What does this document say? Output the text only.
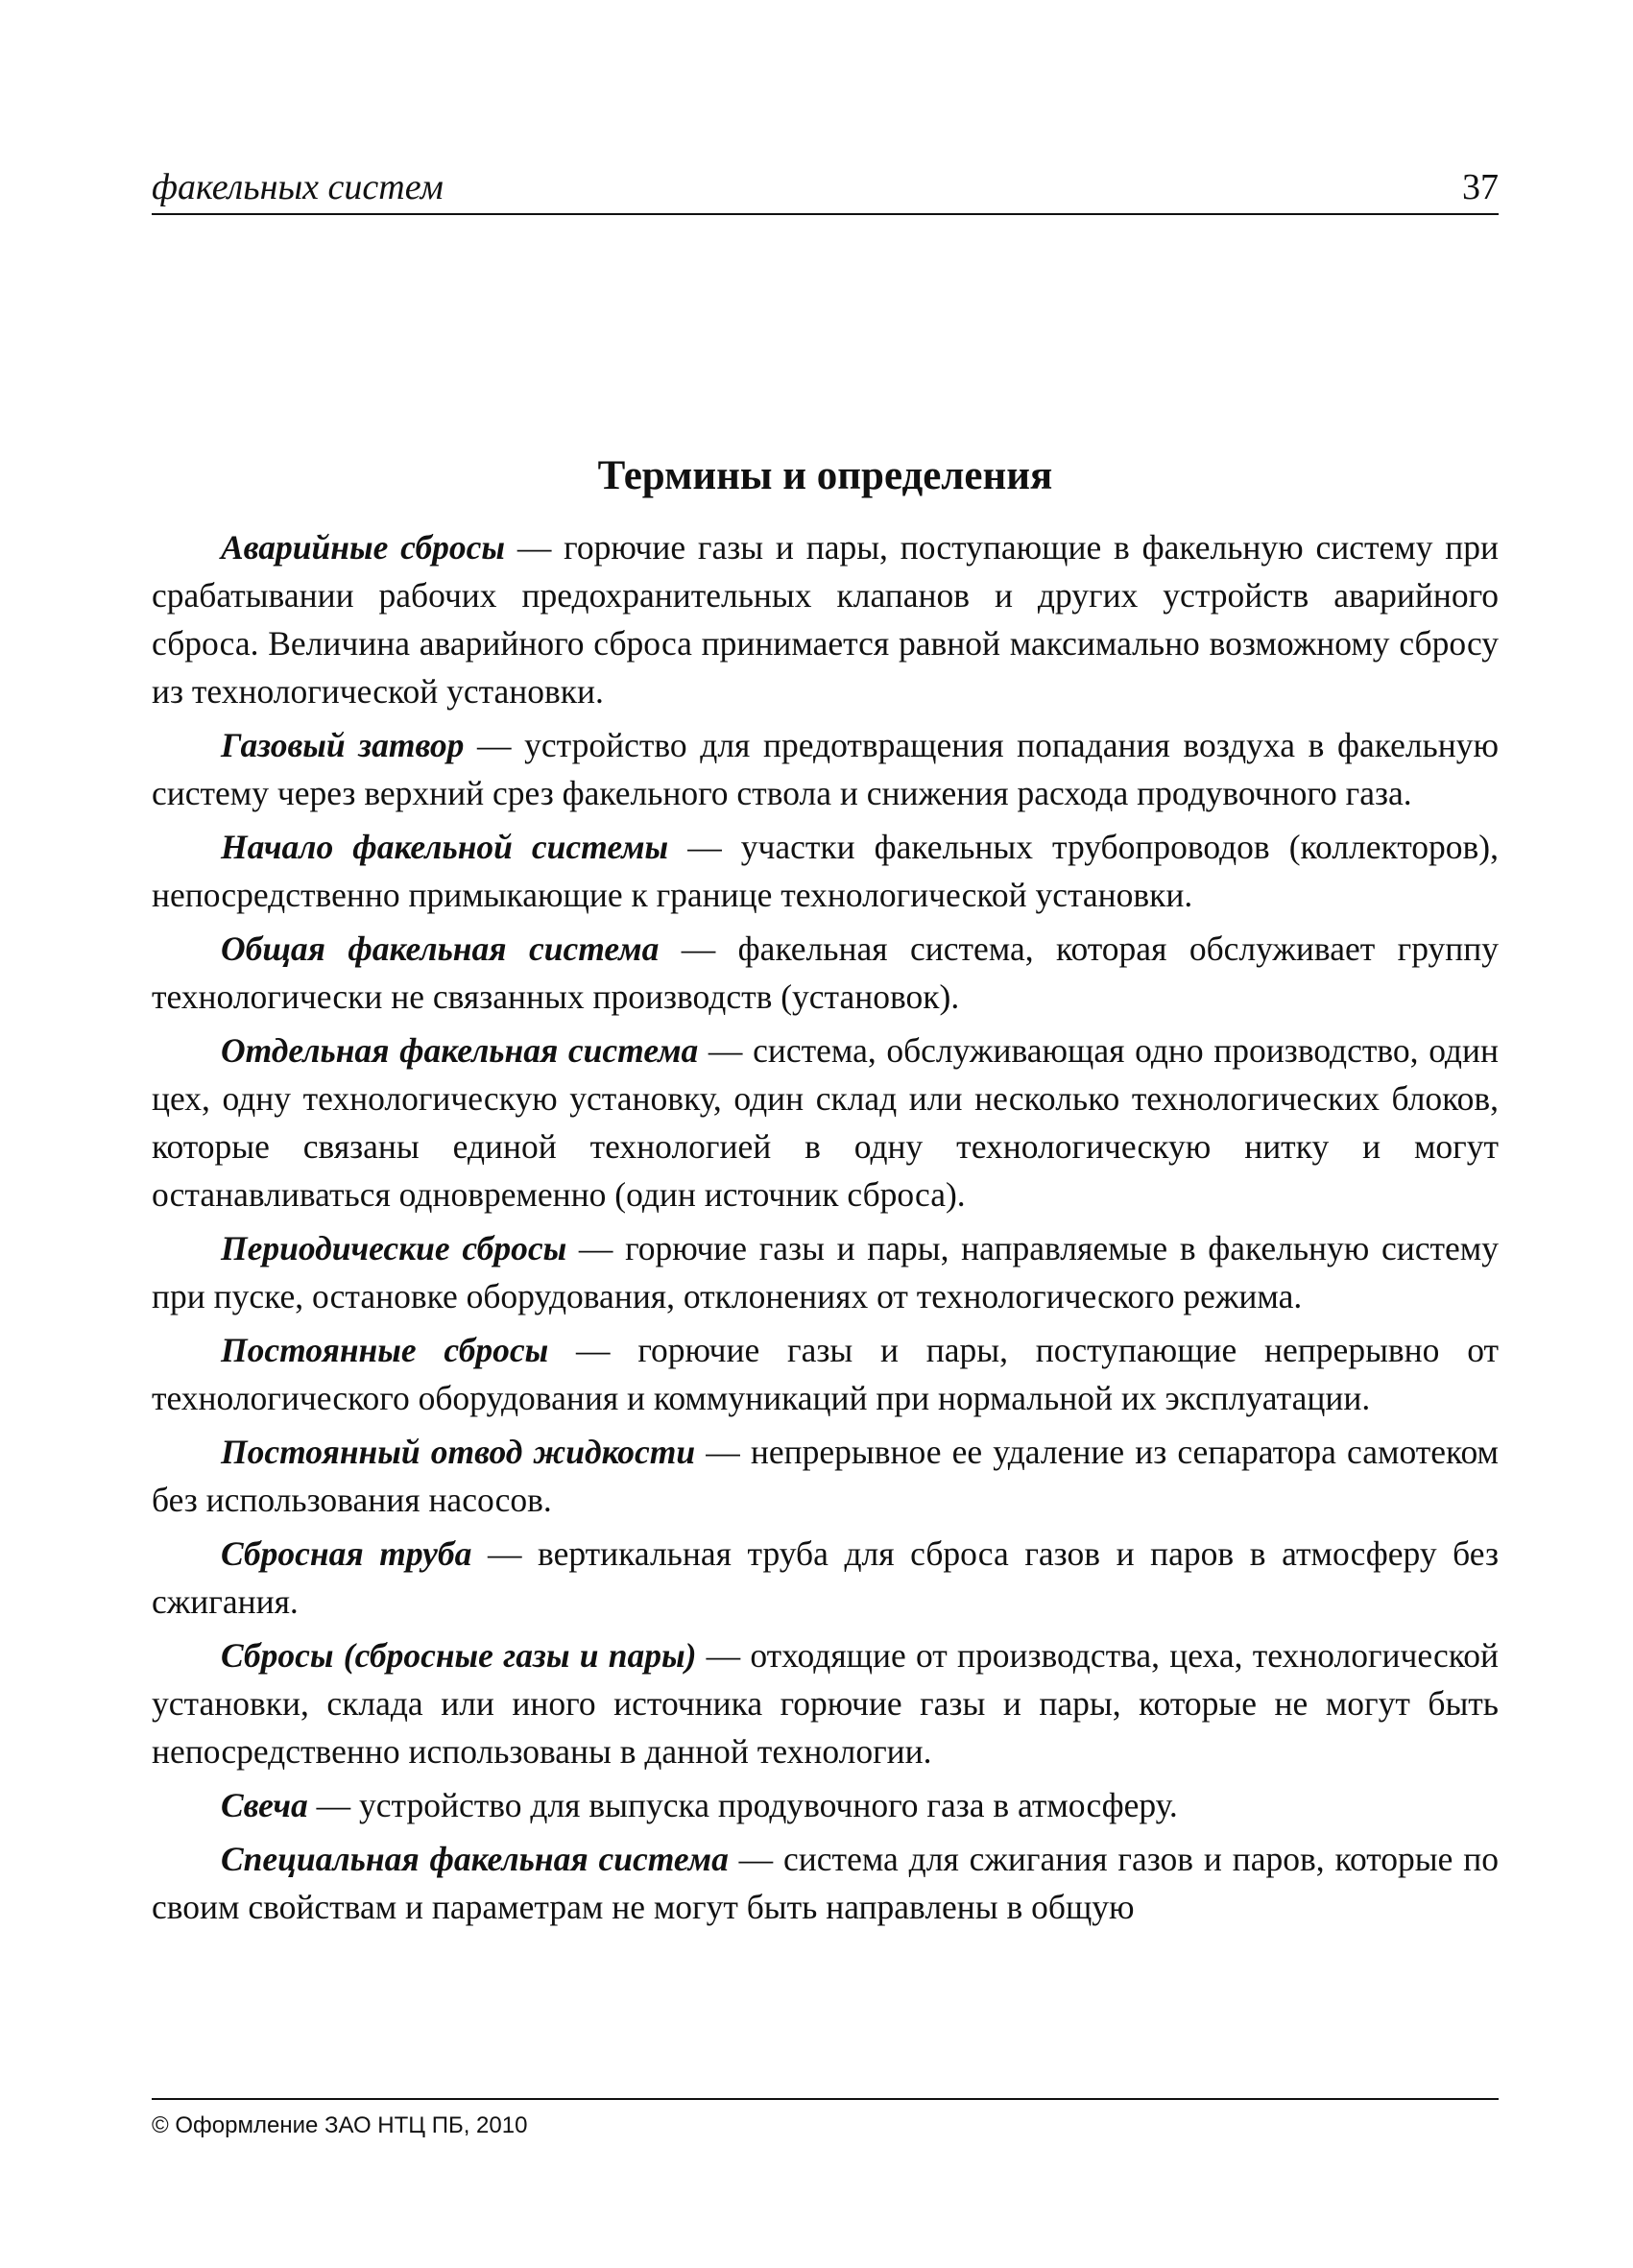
факельных систем	37
Термины и определения

Аварийные сбросы — горючие газы и пары, поступающие в факельную систему при срабатывании рабочих предохранительных клапанов и других устройств аварийного сброса. Величина аварийного сброса принимается равной максимально возможному сбросу из технологической установки.

Газовый затвор — устройство для предотвращения попадания воздуха в факельную систему через верхний срез факельного ствола и снижения расхода продувочного газа.

Начало факельной системы — участки факельных трубопроводов (коллекторов), непосредственно примыкающие к границе технологической установки.

Общая факельная система — факельная система, которая обслуживает группу технологически не связанных производств (установок).

Отдельная факельная система — система, обслуживающая одно производство, один цех, одну технологическую установку, один склад или несколько технологических блоков, которые связаны единой технологией в одну технологическую нитку и могут останавливаться одновременно (один источник сброса).

Периодические сбросы — горючие газы и пары, направляемые в факельную систему при пуске, остановке оборудования, отклонениях от технологического режима.

Постоянные сбросы — горючие газы и пары, поступающие непрерывно от технологического оборудования и коммуникаций при нормальной их эксплуатации.

Постоянный отвод жидкости — непрерывное ее удаление из сепаратора самотеком без использования насосов.

Сбросная труба — вертикальная труба для сброса газов и паров в атмосферу без сжигания.

Сбросы (сбросные газы и пары) — отходящие от производства, цеха, технологической установки, склада или иного источника горючие газы и пары, которые не могут быть непосредственно использованы в данной технологии.

Свеча — устройство для выпуска продувочного газа в атмосферу.

Специальная факельная система — система для сжигания газов и паров, которые по своим свойствам и параметрам не могут быть направлены в общую

© Оформление ЗАО НТЦ ПБ, 2010
